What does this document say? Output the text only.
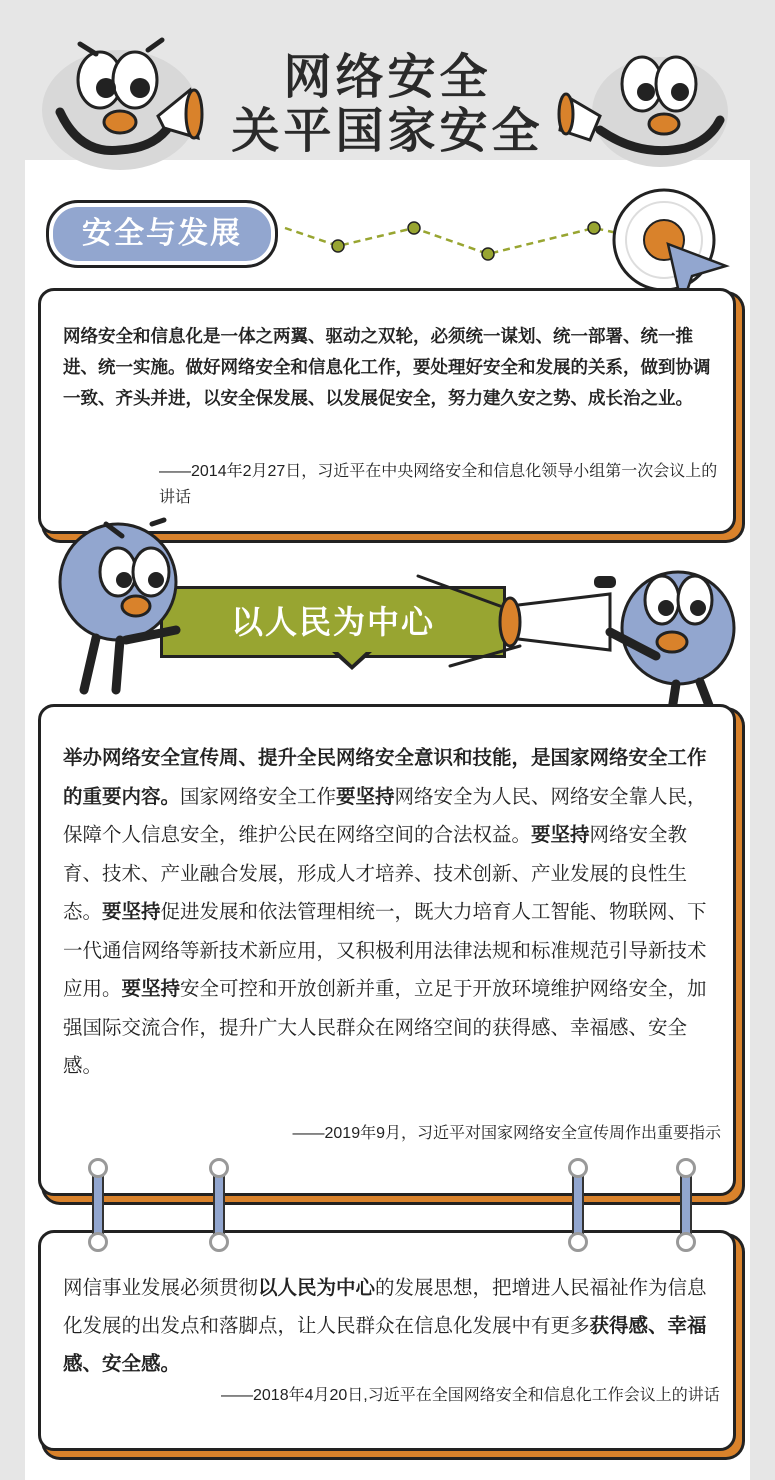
网络安全
关平国家安全
安全与发展

网络安全和信息化是一体之两翼、驱动之双轮，必须统一谋划、统一部署、统一推进、统一实施。做好网络安全和信息化工作，要处理好安全和发展的关系，做到协调一致、齐头并进，以安全保发展、以发展促安全，努力建久安之势、成长治之业。

——2014年2月27日，习近平在中央网络安全和信息化领导小组第一次会议上的讲话

以人民为中心

举办网络安全宣传周、提升全民网络安全意识和技能，是国家网络安全工作的重要内容。国家网络安全工作要坚持网络安全为人民、网络安全靠人民，保障个人信息安全，维护公民在网络空间的合法权益。要坚持网络安全教育、技术、产业融合发展，形成人才培养、技术创新、产业发展的良性生态。要坚持促进发展和依法管理相统一，既大力培育人工智能、物联网、下一代通信网络等新技术新应用，又积极利用法律法规和标准规范引导新技术应用。要坚持安全可控和开放创新并重，立足于开放环境维护网络安全，加强国际交流合作，提升广大人民群众在网络空间的获得感、幸福感、安全感。

——2019年9月，习近平对国家网络安全宣传周作出重要指示

网信事业发展必须贯彻以人民为中心的发展思想，把增进人民福祉作为信息化发展的出发点和落脚点，让人民群众在信息化发展中有更多获得感、幸福感、安全感。

——2018年4月20日,习近平在全国网络安全和信息化工作会议上的讲话
